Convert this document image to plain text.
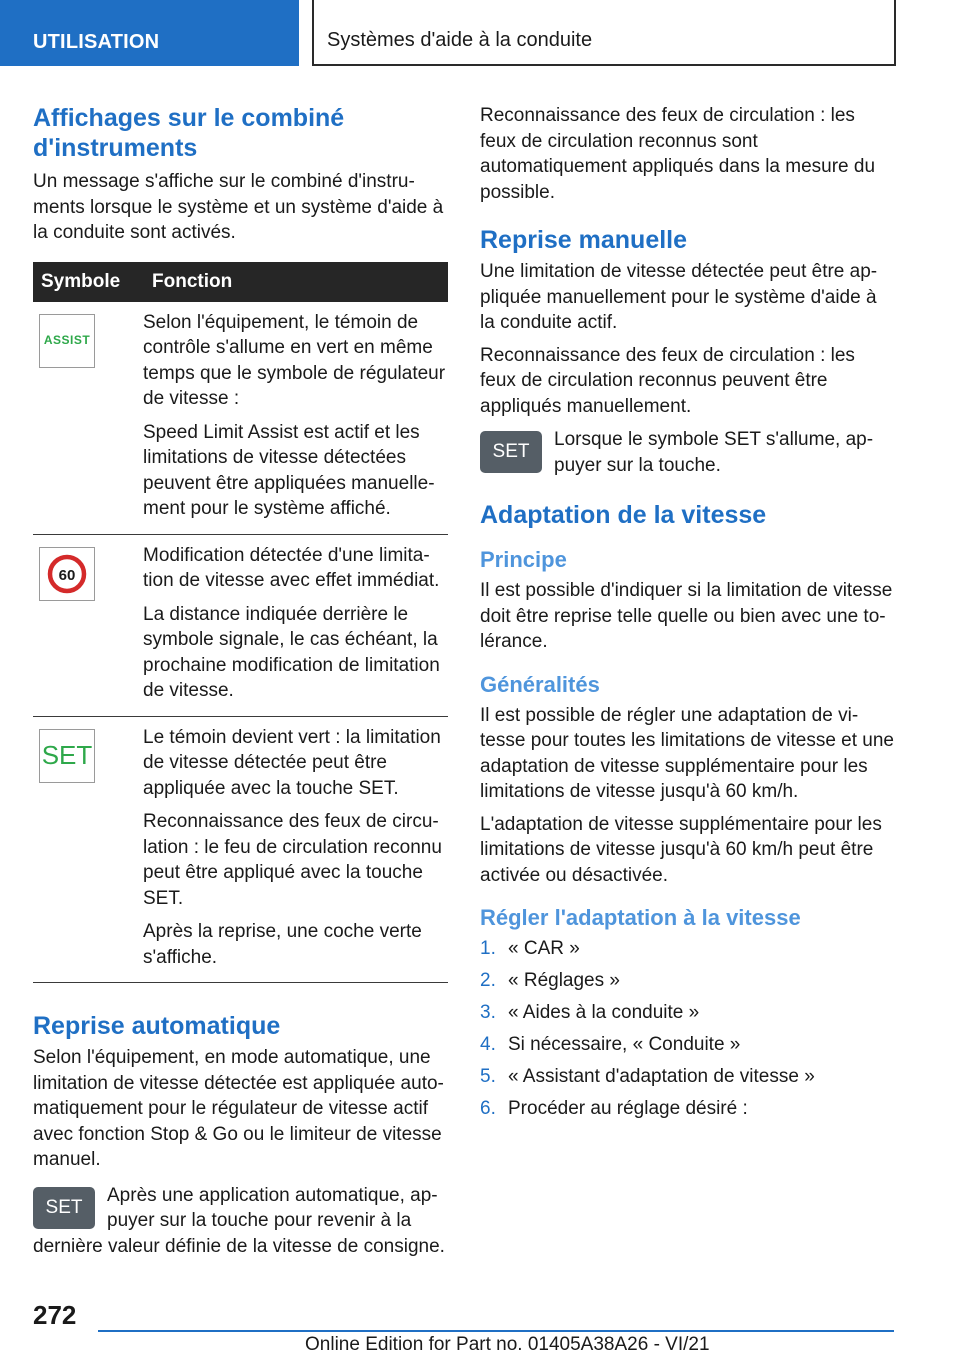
UTILISATION	Systèmes d'aide à la conduite
Affichages sur le combiné d'instruments

Un message s'affiche sur le combiné d'instruments lorsque le système et un système d'aide à la conduite sont activés.

Symbole	Fonction

ASSIST	Selon l'équipement, le témoin de contrôle s'allume en vert en même temps que le symbole de régulateur de vitesse :

Speed Limit Assist est actif et les limitations de vitesse détectées peuvent être appliquées manuellement pour le système affiché.

60	Modification détectée d'une limitation de vitesse avec effet immédiat.

La distance indiquée derrière le symbole signale, le cas échéant, la prochaine modification de limitation de vitesse.

SET	Le témoin devient vert : la limitation de vitesse détectée peut être appliquée avec la touche SET.

Reconnaissance des feux de circulation : le feu de circulation reconnu peut être appliqué avec la touche SET.

Après la reprise, une coche verte s'affiche.

Reprise automatique

Selon l'équipement, en mode automatique, une limitation de vitesse détectée est appliquée automatiquement pour le régulateur de vitesse actif avec fonction Stop & Go ou le limiteur de vitesse manuel.

SET
Après une application automatique, appuyer sur la touche pour revenir à la dernière valeur définie de la vitesse de consigne.

Reconnaissance des feux de circulation : les feux de circulation reconnus sont automatiquement appliqués dans la mesure du possible.

Reprise manuelle

Une limitation de vitesse détectée peut être appliquée manuellement pour le système d'aide à la conduite actif.

Reconnaissance des feux de circulation : les feux de circulation reconnus peuvent être appliqués manuellement.

SET
Lorsque le symbole SET s'allume, appuyer sur la touche.
Adaptation de la vitesse
Principe

Il est possible d'indiquer si la limitation de vitesse doit être reprise telle quelle ou bien avec une tolérance.

Généralités

Il est possible de régler une adaptation de vitesse pour toutes les limitations de vitesse et une adaptation de vitesse supplémentaire pour les limitations de vitesse jusqu'à 60 km/h.

L'adaptation de vitesse supplémentaire pour les limitations de vitesse jusqu'à 60 km/h peut être activée ou désactivée.

Régler l'adaptation à la vitesse
1. « CAR »
2. « Réglages »
3. « Aides à la conduite »
4. Si nécessaire, « Conduite »
5. « Assistant d'adaptation de vitesse »
6. Procéder au réglage désiré :
272
Online Edition for Part no. 01405A38A26 - VI/21
